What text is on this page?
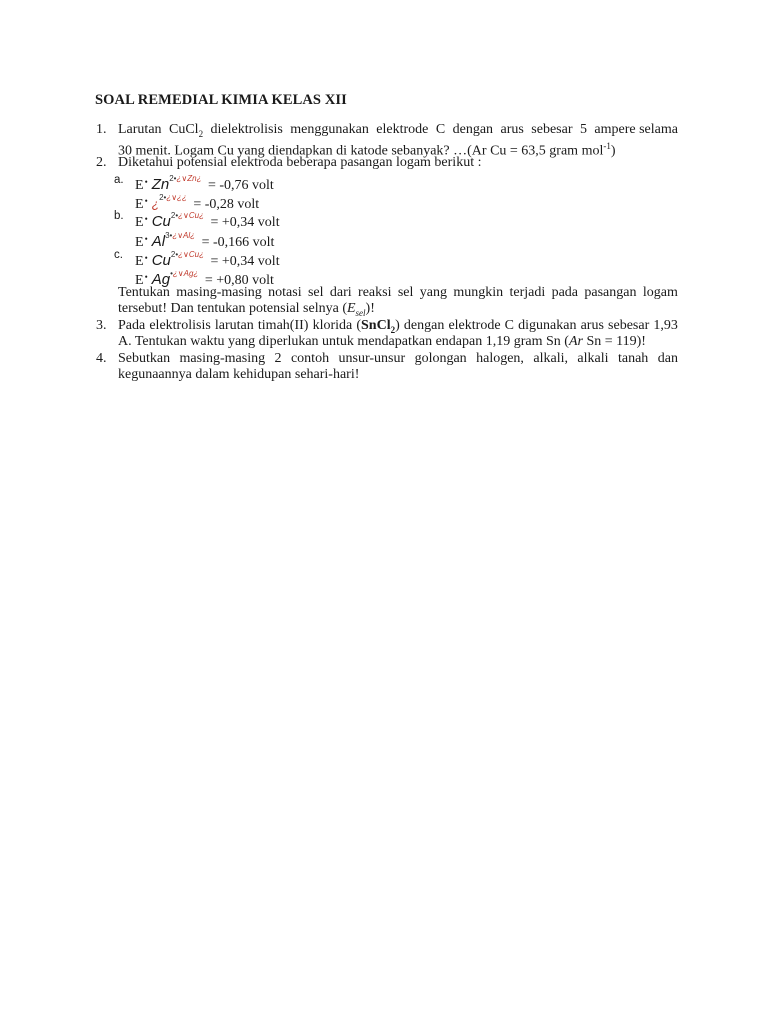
SOAL REMEDIAL KIMIA KELAS XII
1. Larutan CuCl$_2$ dielektrolisis menggunakan elektrode C dengan arus sebesar 5 ampere selama
30 menit. Logam Cu yang diendapkan di katode sebanyak? …(Ar Cu = 63,5 gram mol$^{-1}$)
2. Diketahui potensial elektroda beberapa pasangan logam berikut :
a. E• $Zn^{2•¿\vee Zn¿} = -0,76$ volt
E• ¿$^{2•¿\vee¿¿}$ = -0,28 volt
b. E• $Cu^{2•¿\vee Cu¿} = +0,34$ volt
E• $Al^{3•¿\vee Al¿} = -0,166$ volt
c. E• $Cu^{2•¿\vee Cu¿} = +0,34$ volt
E• $Ag^{•¿\vee Ag¿} = +0,80$ volt
Tentukan masing-masing notasi sel dari reaksi sel yang mungkin terjadi pada pasangan logam
tersebut! Dan tentukan potensial selnya $(E_{sel})$!
3. Pada elektrolisis larutan timah(II) klorida (SnCl$_2$) dengan elektrode C digunakan arus sebesar 1,93
A. Tentukan waktu yang diperlukan untuk mendapatkan endapan 1,19 gram Sn (Ar Sn = 119)!
4. Sebutkan masing-masing 2 contoh unsur-unsur golongan halogen, alkali, alkali tanah dan
kegunaannya dalam kehidupan sehari-hari!
